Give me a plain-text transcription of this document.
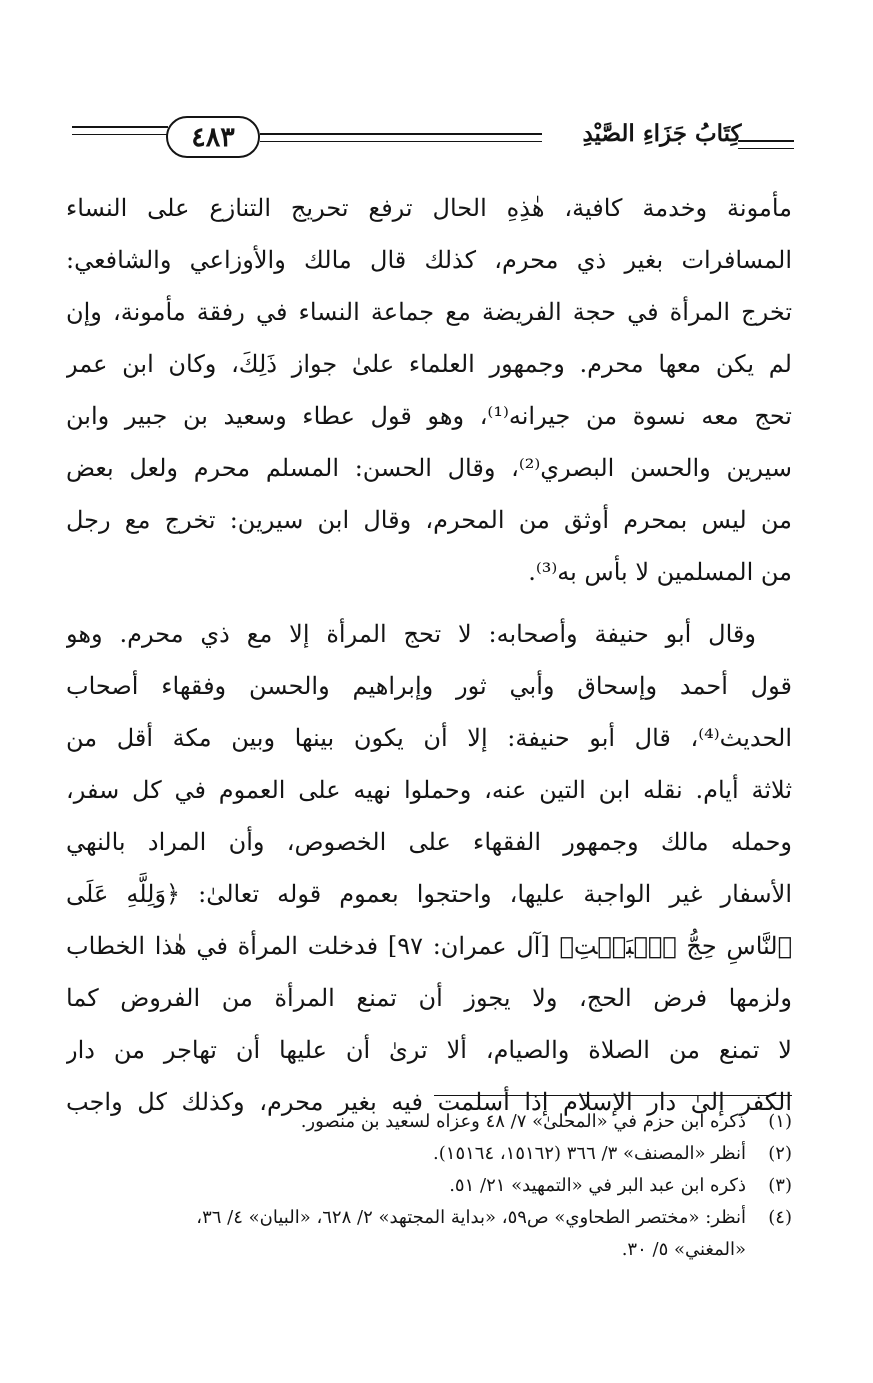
٤٨٣	كِتَابُ جَزَاءِ الصَّيْدِ
مأمونة وخدمة كافية، هٰذِهِ الحال ترفع تحريج التنازع على النساء
المسافرات بغير ذي محرم، كذلك قال مالك والأوزاعي والشافعي:
تخرج المرأة في حجة الفريضة مع جماعة النساء في رفقة مأمونة، وإن
لم يكن معها محرم. وجمهور العلماء علىٰ جواز ذَلِكَ، وكان ابن عمر
تحج معه نسوة من جيرانه⁽¹⁾، وهو قول عطاء وسعيد بن جبير وابن
سيرين والحسن البصري⁽²⁾، وقال الحسن: المسلم محرم ولعل بعض
من ليس بمحرم أوثق من المحرم، وقال ابن سيرين: تخرج مع رجل
من المسلمين لا بأس به⁽³⁾.
وقال أبو حنيفة وأصحابه: لا تحج المرأة إلا مع ذي محرم. وهو
قول أحمد وإسحاق وأبي ثور وإبراهيم والحسن وفقهاء أصحاب
الحديث⁽⁴⁾، قال أبو حنيفة: إلا أن يكون بينها وبين مكة أقل من
ثلاثة أيام. نقله ابن التين عنه، وحملوا نهيه على العموم في كل سفر،
وحمله مالك وجمهور الفقهاء على الخصوص، وأن المراد بالنهي
الأسفار غير الواجبة عليها، واحتجوا بعموم قوله تعالىٰ: ﴿وَلِلَّهِ عَلَى
ٱلنَّاسِ حِجُّ ٱلۡبَيۡتِ﴾ [آل عمران: ٩٧] فدخلت المرأة في هٰذا الخطاب
ولزمها فرض الحج، ولا يجوز أن تمنع المرأة من الفروض كما
لا تمنع من الصلاة والصيام، ألا ترىٰ أن عليها أن تهاجر من دار
الكفر إلىٰ دار الإسلام إذا أسلمت فيه بغير محرم، وكذلك كل واجب
(١)
ذكره ابن حزم في «المحلىٰ» ٧/ ٤٨ وعزاه لسعيد بن منصور.
(٢)
أنظر «المصنف» ٣/ ٣٦٦ (١٥١٦٢، ١٥١٦٤).
(٣)
ذكره ابن عبد البر في «التمهيد» ٢١/ ٥١.
(٤)
أنظر: «مختصر الطحاوي» ص٥٩، «بداية المجتهد» ٢/ ٦٢٨، «البيان» ٤/ ٣٦،
«المغني» ٥/ ٣٠.
